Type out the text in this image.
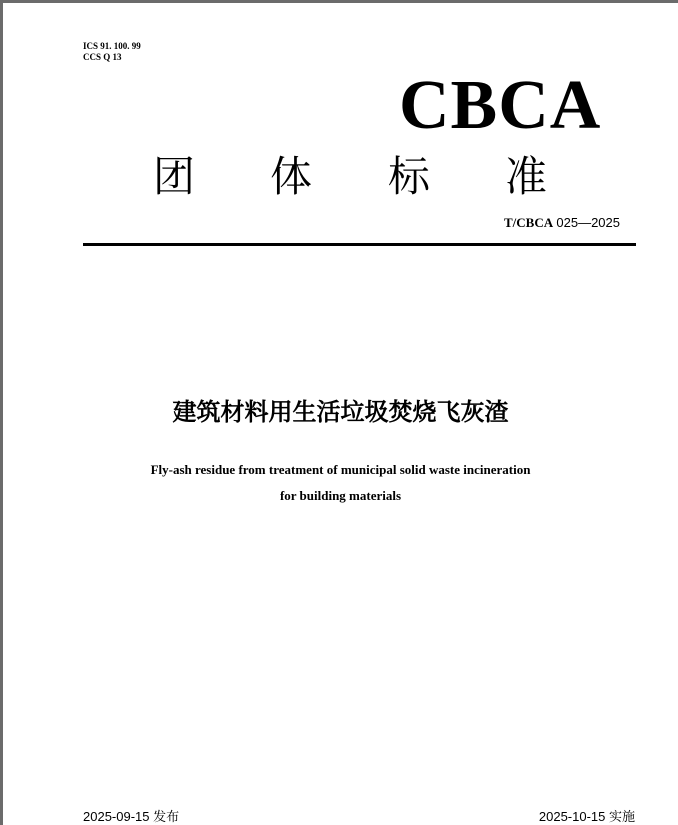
ICS 91. 100. 99
CCS Q 13
CBCA
团 体 标 准
T/CBCA 025—2025
建筑材料用生活垃圾焚烧飞灰渣
Fly-ash residue from treatment of municipal solid waste incineration
for building materials
2025-09-15 发布	2025-10-15 实施
